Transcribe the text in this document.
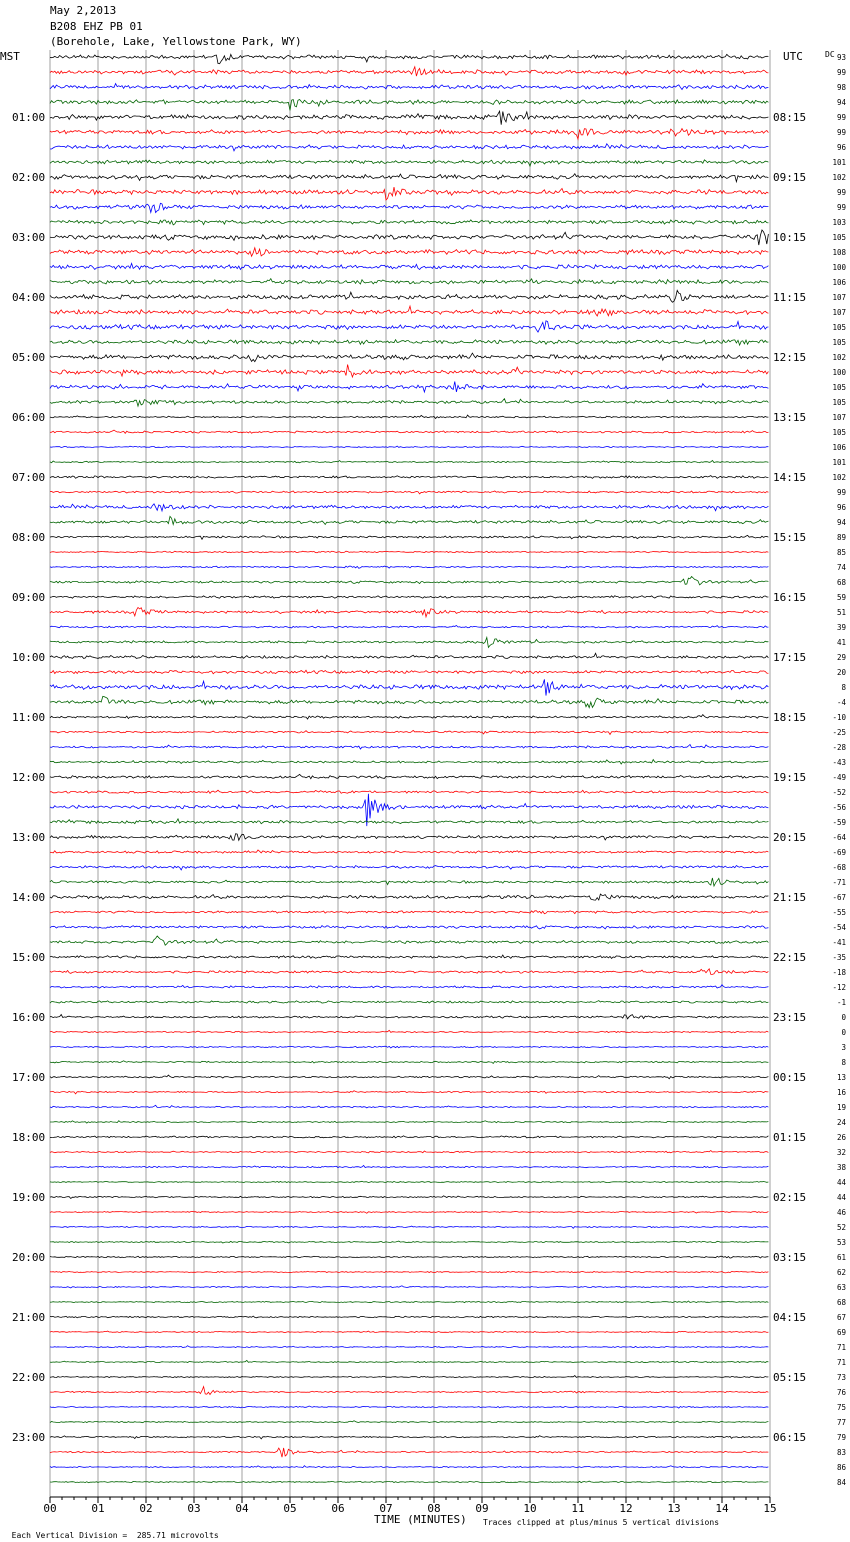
May 2,2013
B208 EHZ PB 01
(Borehole, Lake, Yellowstone Park, WY)
MST	UTC	DC
00	01	02	03	04	05	06	07	08	09	10	11	12	13	14	15
01:00	08:15
02:00	09:15
03:00	10:15
04:00	11:15
05:00	12:15
06:00	13:15
07:00	14:15
08:00	15:15
09:00	16:15
10:00	17:15
11:00	18:15
12:00	19:15
13:00	20:15
14:00	21:15
15:00	22:15
16:00	23:15
17:00	00:15
18:00	01:15
19:00	02:15
20:00	03:15
21:00	04:15
22:00	05:15
23:00	06:15
93
99
98
94
99
99
96
101
102
99
99
103
105
108
100
106
107
107
105
105
102
100
105
105
107
105
106
101
102
99
96
94
89
85
74
68
59
51
39
41
29
20
8
-4
-10
-25
-28
-43
-49
-52
-56
-59
-64
-69
-68
-71
-67
-55
-54
-41
-35
-18
-12
-1
0
0
3
8
13
16
19
24
26
32
38
44
44
46
52
53
61
62
63
68
67
69
71
71
73
76
75
77
79
83
86
84

Each Vertical Division =  285.71 microvolts

TIME (MINUTES) Traces clipped at plus/minus 5 vertical divisions
